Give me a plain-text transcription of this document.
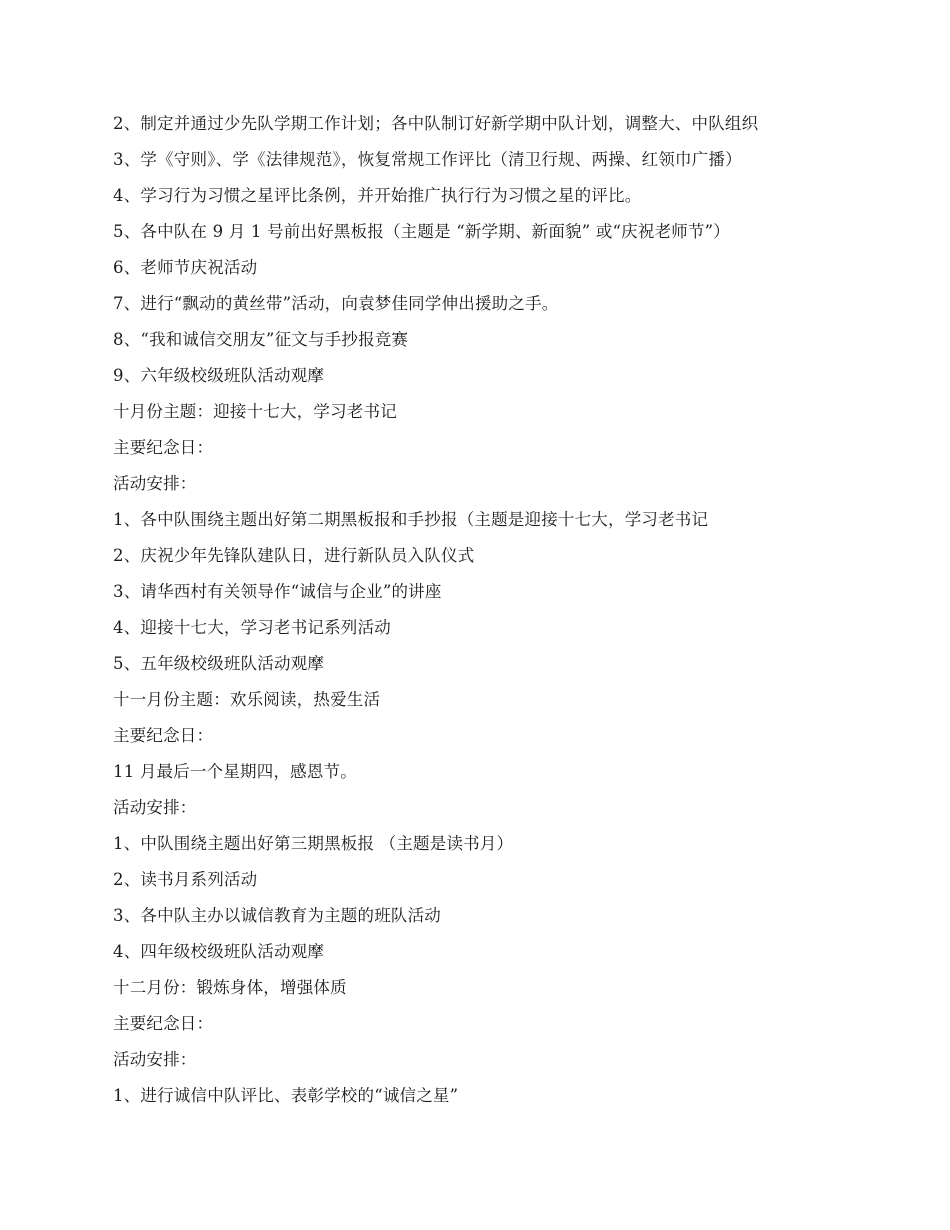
2、制定并通过少先队学期工作计划；各中队制订好新学期中队计划，调整大、中队组织
3、学《守则》、学《法律规范》，恢复常规工作评比（清卫行规、两操、红领巾广播）
4、学习行为习惯之星评比条例，并开始推广执行行为习惯之星的评比。
5、各中队在 9 月 1 号前出好黑板报（主题是 “新学期、新面貌” 或“庆祝老师节”）
6、老师节庆祝活动
7、进行“飘动的黄丝带”活动，向袁梦佳同学伸出援助之手。
8、“我和诚信交朋友”征文与手抄报竞赛
9、六年级校级班队活动观摩
十月份主题：迎接十七大，学习老书记
主要纪念日：
活动安排：
1、各中队围绕主题出好第二期黑板报和手抄报（主题是迎接十七大，学习老书记
2、庆祝少年先锋队建队日，进行新队员入队仪式
3、请华西村有关领导作“诚信与企业”的讲座
4、迎接十七大，学习老书记系列活动
5、五年级校级班队活动观摩
十一月份主题：欢乐阅读，热爱生活
主要纪念日：
11 月最后一个星期四，感恩节。
活动安排：
1、中队围绕主题出好第三期黑板报 （主题是读书月）
2、读书月系列活动
3、各中队主办以诚信教育为主题的班队活动
4、四年级校级班队活动观摩
十二月份：锻炼身体，增强体质
主要纪念日：
活动安排：
1、进行诚信中队评比、表彰学校的“诚信之星”
